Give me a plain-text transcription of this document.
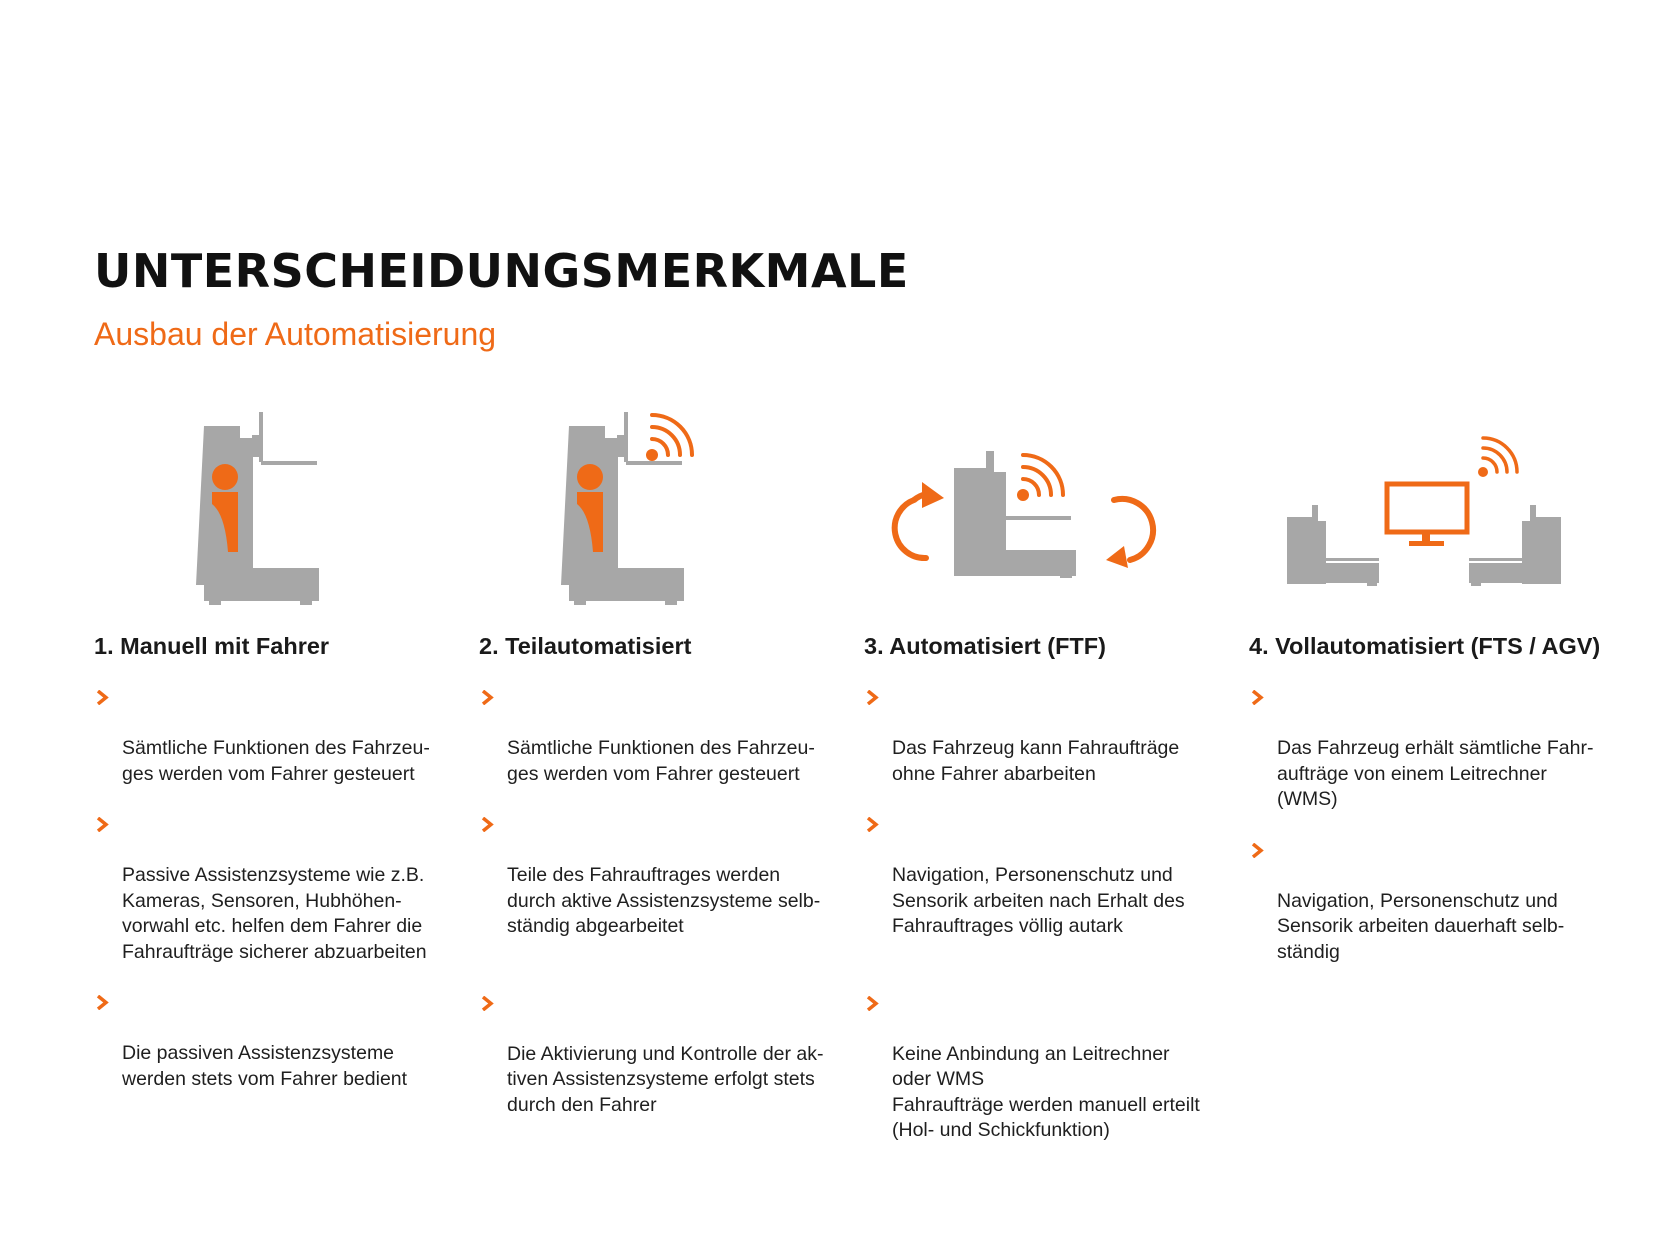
UNTERSCHEIDUNGSMERKMALE
Ausbau der Automatisierung
1. Manuell mit Fahrer

Sämtliche Funktionen des Fahrzeu-
ges werden vom Fahrer gesteuert

Passive Assistenzsysteme wie z.B.
Kameras, Sensoren, Hubhöhen-
vorwahl etc. helfen dem Fahrer die
Fahraufträge sicherer abzuarbeiten

Die passiven Assistenzsysteme
werden stets vom Fahrer bedient

2. Teilautomatisiert

Sämtliche Funktionen des Fahrzeu-
ges werden vom Fahrer gesteuert

Teile des Fahrauftrages werden
durch aktive Assistenzsysteme selb-
ständig abgearbeitet

Die Aktivierung und Kontrolle der ak-
tiven Assistenzsysteme erfolgt stets
durch den Fahrer

3. Automatisiert (FTF)

Das Fahrzeug kann Fahraufträge
ohne Fahrer abarbeiten

Navigation, Personenschutz und
Sensorik arbeiten nach Erhalt des
Fahrauftrages völlig autark

Keine Anbindung an Leitrechner
oder WMS
Fahraufträge werden manuell erteilt
(Hol- und Schickfunktion)

4. Vollautomatisiert (FTS / AGV)

Das Fahrzeug erhält sämtliche Fahr-
aufträge von einem Leitrechner
(WMS)

Navigation, Personenschutz und
Sensorik arbeiten dauerhaft selb-
ständig
